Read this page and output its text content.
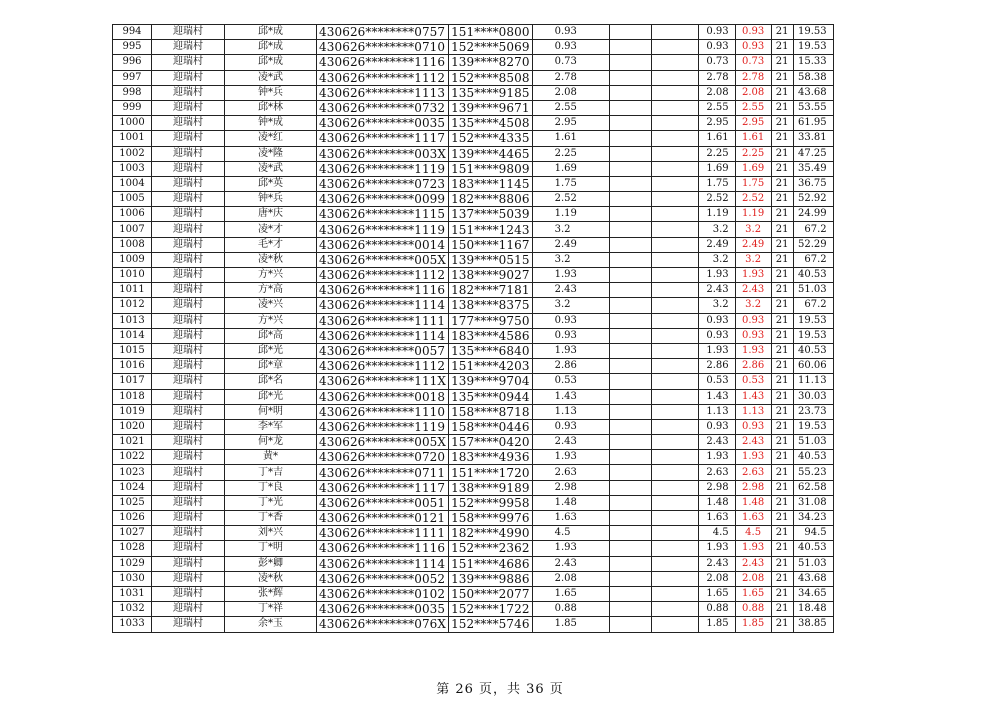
994	迎瑞村	邱*成	430626********0757	151****0800	0.93			0.93	0.93	21	19.53
995	迎瑞村	邱*成	430626********0710	152****5069	0.93			0.93	0.93	21	19.53
996	迎瑞村	邱*成	430626********1116	139****8270	0.73			0.73	0.73	21	15.33
997	迎瑞村	凌*武	430626********1112	152****8508	2.78			2.78	2.78	21	58.38
998	迎瑞村	钟*兵	430626********1113	135****9185	2.08			2.08	2.08	21	43.68
999	迎瑞村	邱*林	430626********0732	139****9671	2.55			2.55	2.55	21	53.55
1000	迎瑞村	钟*成	430626********0035	135****4508	2.95			2.95	2.95	21	61.95
1001	迎瑞村	凌*红	430626********1117	152****4335	1.61			1.61	1.61	21	33.81
1002	迎瑞村	凌*隆	430626********003X	139****4465	2.25			2.25	2.25	21	47.25
1003	迎瑞村	凌*武	430626********1119	151****9809	1.69			1.69	1.69	21	35.49
1004	迎瑞村	邱*英	430626********0723	183****1145	1.75			1.75	1.75	21	36.75
1005	迎瑞村	钟*兵	430626********0099	182****8806	2.52			2.52	2.52	21	52.92
1006	迎瑞村	唐*庆	430626********1115	137****5039	1.19			1.19	1.19	21	24.99
1007	迎瑞村	凌*才	430626********1119	151****1243	3.2			3.2	3.2	21	67.2
1008	迎瑞村	毛*才	430626********0014	150****1167	2.49			2.49	2.49	21	52.29
1009	迎瑞村	凌*秋	430626********005X	139****0515	3.2			3.2	3.2	21	67.2
1010	迎瑞村	方*兴	430626********1112	138****9027	1.93			1.93	1.93	21	40.53
1011	迎瑞村	方*高	430626********1116	182****7181	2.43			2.43	2.43	21	51.03
1012	迎瑞村	凌*兴	430626********1114	138****8375	3.2			3.2	3.2	21	67.2
1013	迎瑞村	方*兴	430626********1111	177****9750	0.93			0.93	0.93	21	19.53
1014	迎瑞村	邱*高	430626********1114	183****4586	0.93			0.93	0.93	21	19.53
1015	迎瑞村	邱*光	430626********0057	135****6840	1.93			1.93	1.93	21	40.53
1016	迎瑞村	邱*章	430626********1112	151****4203	2.86			2.86	2.86	21	60.06
1017	迎瑞村	邱*名	430626********111X	139****9704	0.53			0.53	0.53	21	11.13
1018	迎瑞村	邱*光	430626********0018	135****0944	1.43			1.43	1.43	21	30.03
1019	迎瑞村	何*明	430626********1110	158****8718	1.13			1.13	1.13	21	23.73
1020	迎瑞村	李*军	430626********1119	158****0446	0.93			0.93	0.93	21	19.53
1021	迎瑞村	何*龙	430626********005X	157****0420	2.43			2.43	2.43	21	51.03
1022	迎瑞村	黄*	430626********0720	183****4936	1.93			1.93	1.93	21	40.53
1023	迎瑞村	丁*吉	430626********0711	151****1720	2.63			2.63	2.63	21	55.23
1024	迎瑞村	丁*良	430626********1117	138****9189	2.98			2.98	2.98	21	62.58
1025	迎瑞村	丁*光	430626********0051	152****9958	1.48			1.48	1.48	21	31.08
1026	迎瑞村	丁*香	430626********0121	158****9976	1.63			1.63	1.63	21	34.23
1027	迎瑞村	刘*兴	430626********1111	182****4990	4.5			4.5	4.5	21	94.5
1028	迎瑞村	丁*明	430626********1116	152****2362	1.93			1.93	1.93	21	40.53
1029	迎瑞村	彭*卿	430626********1114	151****4686	2.43			2.43	2.43	21	51.03
1030	迎瑞村	凌*秋	430626********0052	139****9886	2.08			2.08	2.08	21	43.68
1031	迎瑞村	张*辉	430626********0102	150****2077	1.65			1.65	1.65	21	34.65
1032	迎瑞村	丁*祥	430626********0035	152****1722	0.88			0.88	0.88	21	18.48
1033	迎瑞村	余*玉	430626********076X	152****5746	1.85			1.85	1.85	21	38.85
第 26 页，共 36 页
